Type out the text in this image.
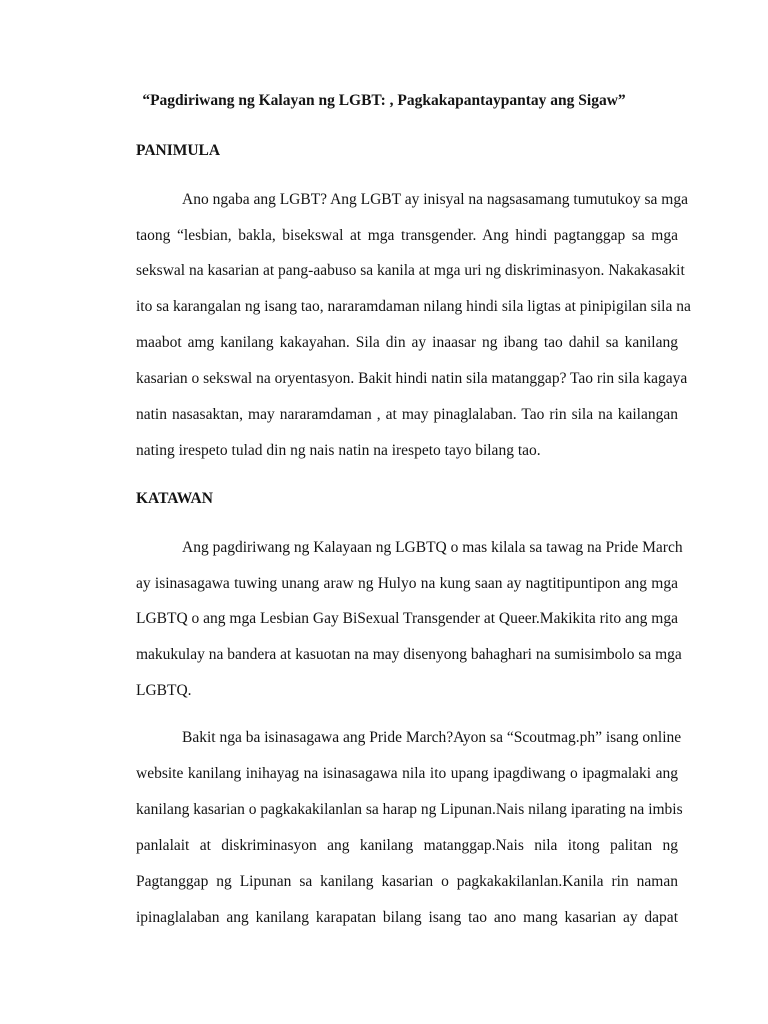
“Pagdiriwang ng Kalayan ng LGBT: , Pagkakapantaypantay ang Sigaw”
PANIMULA
Ano ngaba ang LGBT? Ang LGBT ay inisyal na nagsasamang tumutukoy sa mga
taong “lesbian, bakla, bisekswal at mga transgender. Ang hindi pagtanggap sa mga
sekswal na kasarian at pang-aabuso sa kanila at mga uri ng diskriminasyon. Nakakasakit
ito sa karangalan ng isang tao, nararamdaman nilang hindi sila ligtas at pinipigilan sila na
maabot amg kanilang kakayahan. Sila din ay inaasar ng ibang tao dahil sa kanilang
kasarian o sekswal na oryentasyon. Bakit hindi natin sila matanggap? Tao rin sila kagaya
natin nasasaktan, may nararamdaman , at may pinaglalaban. Tao rin sila na kailangan
nating irespeto tulad din ng nais natin na irespeto tayo bilang tao.
KATAWAN
Ang pagdiriwang ng Kalayaan ng LGBTQ o mas kilala sa tawag na Pride March
ay isinasagawa tuwing unang araw ng Hulyo na kung saan ay nagtitipuntipon ang mga
LGBTQ o ang mga Lesbian Gay BiSexual Transgender at Queer.Makikita rito ang mga
makukulay na bandera at kasuotan na may disenyong bahaghari na sumisimbolo sa mga
LGBTQ.
Bakit nga ba isinasagawa ang Pride March?Ayon sa “Scoutmag.ph” isang online
website kanilang inihayag na isinasagawa nila ito upang ipagdiwang o ipagmalaki ang
kanilang kasarian o pagkakakilanlan sa harap ng Lipunan.Nais nilang iparating na imbis
panlalait at diskriminasyon ang kanilang matanggap.Nais nila itong palitan ng
Pagtanggap ng Lipunan sa kanilang kasarian o pagkakakilanlan.Kanila rin naman
ipinaglalaban ang kanilang karapatan bilang isang tao ano mang kasarian ay dapat
